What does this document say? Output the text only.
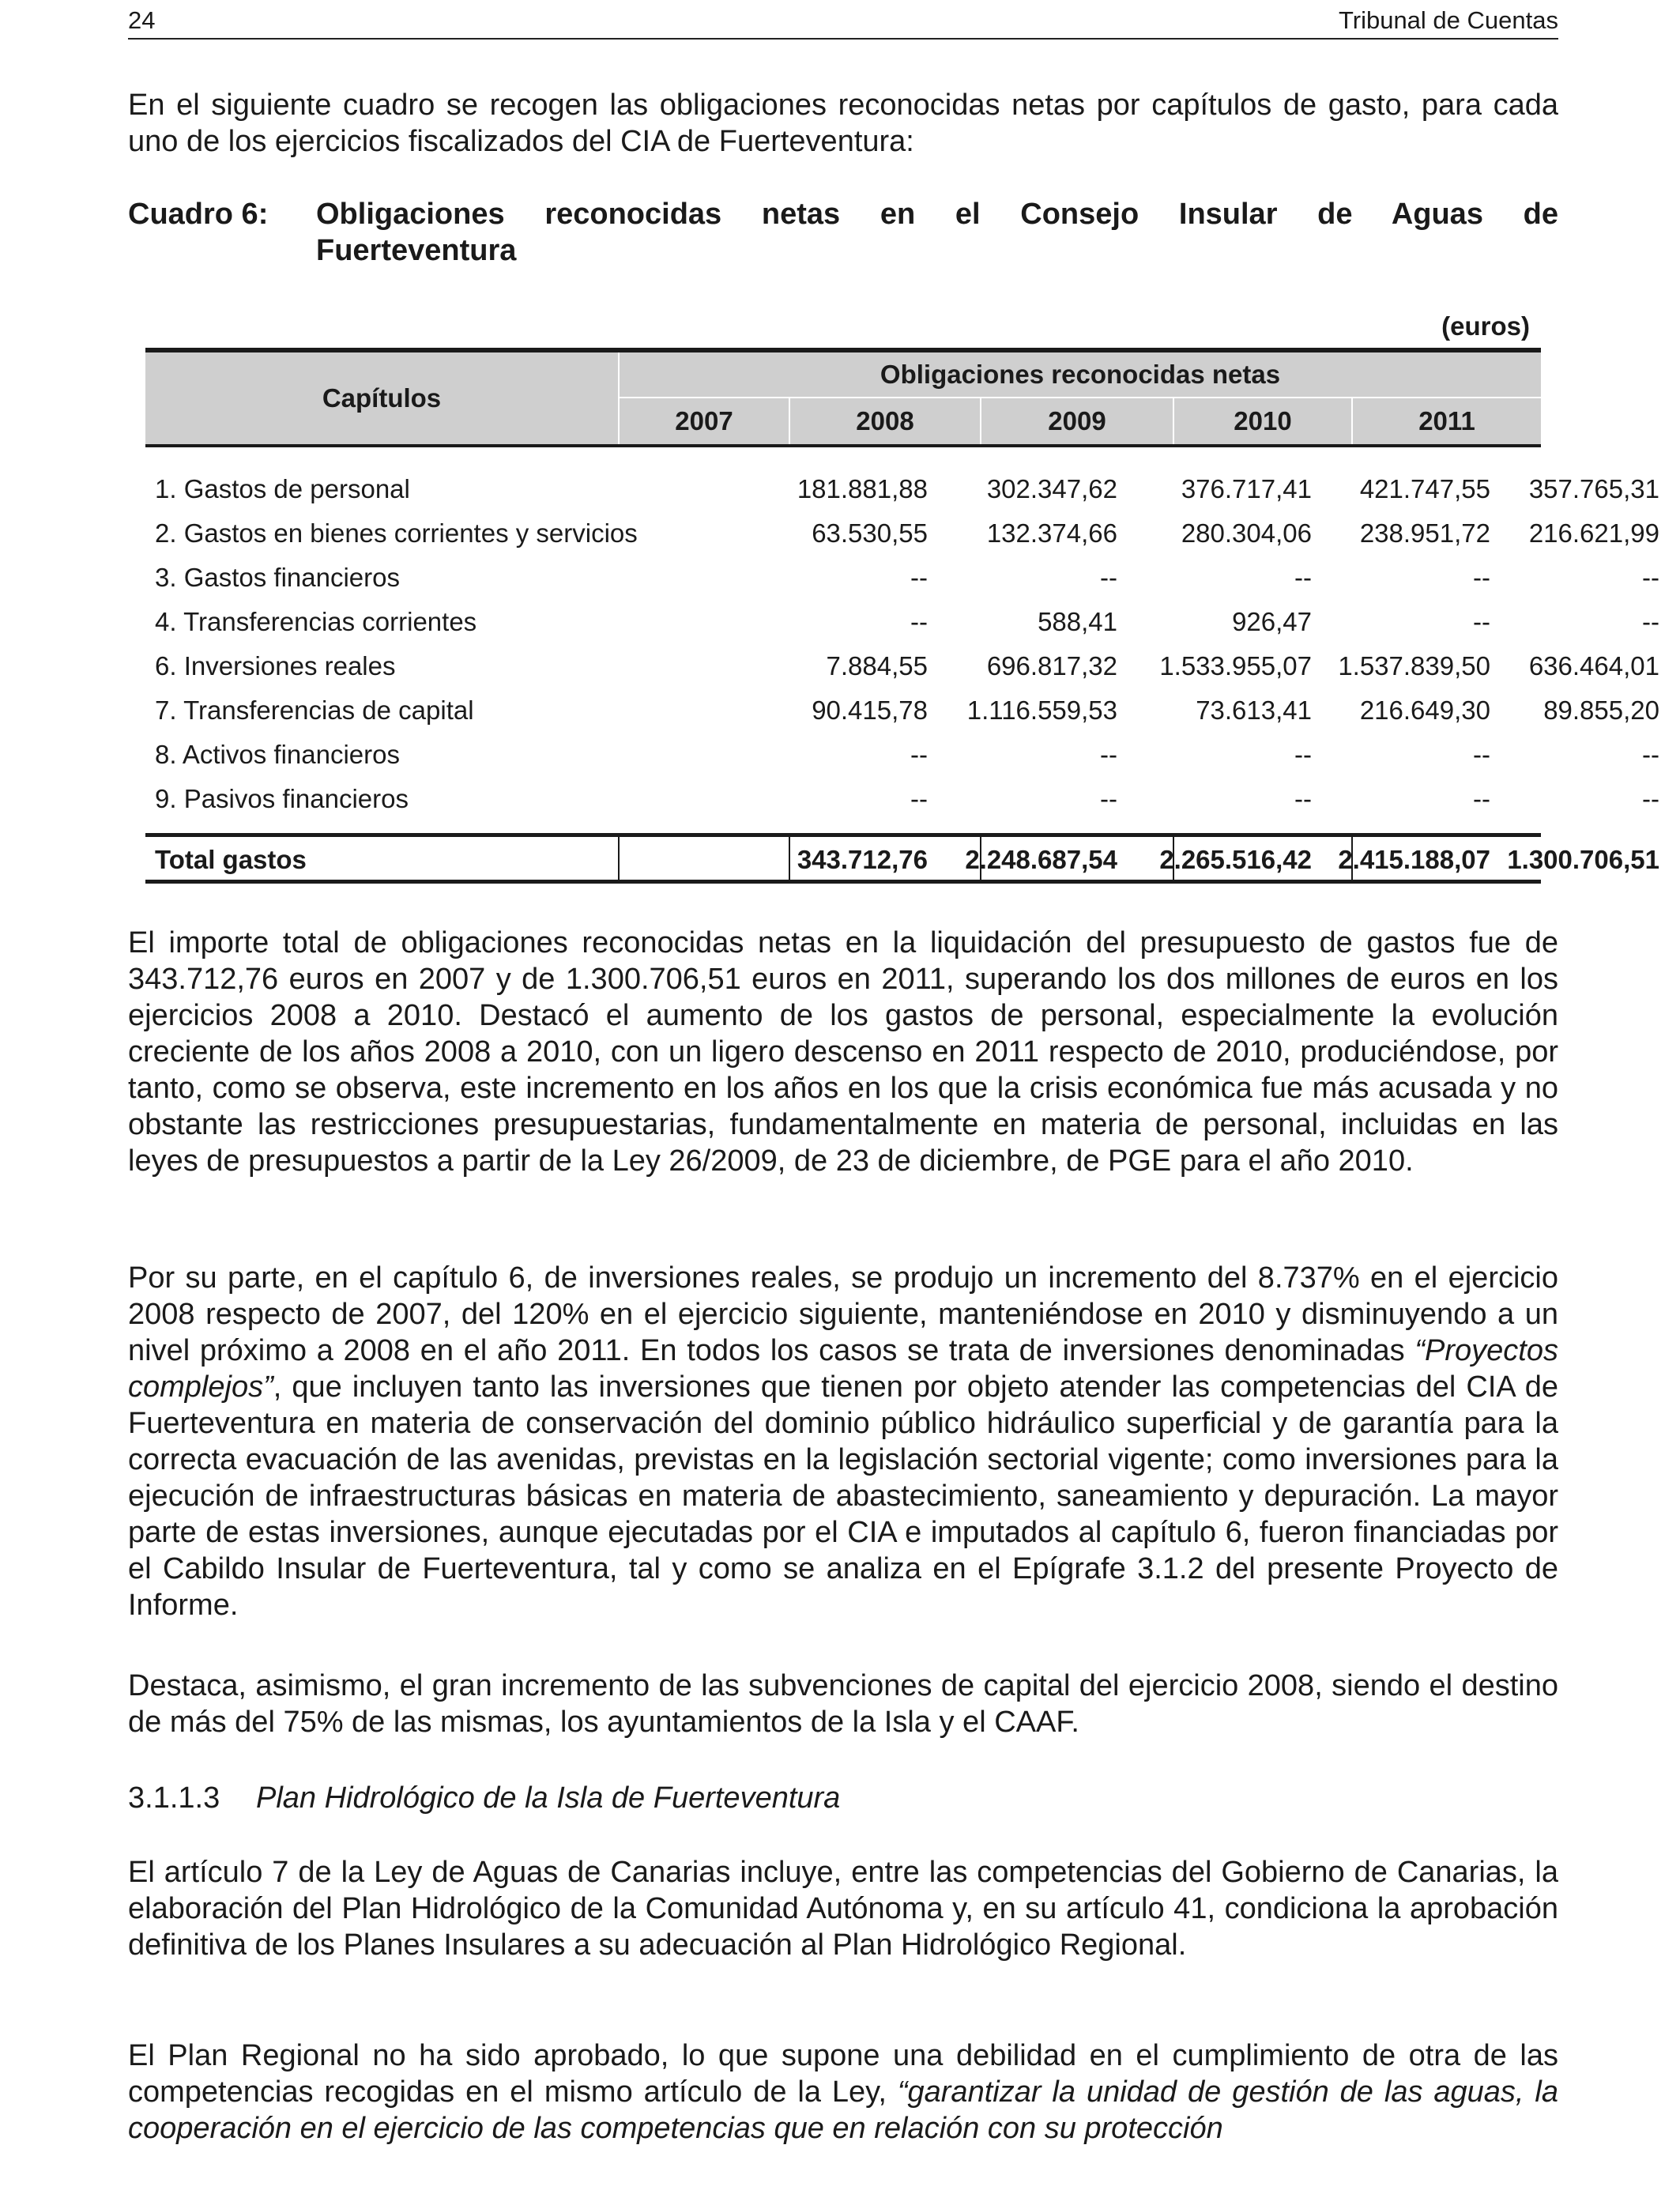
24	Tribunal de Cuentas

En el siguiente cuadro se recogen las obligaciones reconocidas netas por capítulos de gasto, para cada uno de los ejercicios fiscalizados del CIA de Fuerteventura:

Cuadro 6: Obligaciones reconocidas netas en el Consejo Insular de Aguas de
Fuerteventura
(euros)
Capítulos
Obligaciones reconocidas netas
2007	2008	2009	2010	2011
1. Gastos de personal	181.881,88 302.347,62 376.717,41 421.747,55 357.765,31
2. Gastos en bienes corrientes y servicios	63.530,55 132.374,66 280.304,06 238.951,72 216.621,99
3. Gastos financieros	--	--	--	--	--
4. Transferencias corrientes	--	588,41	926,47	--	--
6. Inversiones reales	7.884,55 696.817,32 1.533.955,07 1.537.839,50 636.464,01
7. Transferencias de capital	90.415,78 1.116.559,53	73.613,41 216.649,30 89.855,20
8. Activos financieros	--	--	--	--	--
9. Pasivos financieros	--	--	--	--	--
Total gastos	343.712,76 2.248.687,54 2.265.516,42 2.415.188,07 1.300.706,51

El importe total de obligaciones reconocidas netas en la liquidación del presupuesto de gastos fue de 343.712,76 euros en 2007 y de 1.300.706,51 euros en 2011, superando los dos millones de euros en los ejercicios 2008 a 2010. Destacó el aumento de los gastos de personal, especialmente la evolución creciente de los años 2008 a 2010, con un ligero descenso en 2011 respecto de 2010, produciéndose, por tanto, como se observa, este incremento en los años en los que la crisis económica fue más acusada y no obstante las restricciones presupuestarias, fundamentalmente en materia de personal, incluidas en las leyes de presupuestos a partir de la Ley 26/2009, de 23 de diciembre, de PGE para el año 2010.

Por su parte, en el capítulo 6, de inversiones reales, se produjo un incremento del 8.737% en el ejercicio 2008 respecto de 2007, del 120% en el ejercicio siguiente, manteniéndose en 2010 y disminuyendo a un nivel próximo a 2008 en el año 2011. En todos los casos se trata de inversiones denominadas “Proyectos complejos”, que incluyen tanto las inversiones que tienen por objeto atender las competencias del CIA de Fuerteventura en materia de conservación del dominio público hidráulico superficial y de garantía para la correcta evacuación de las avenidas, previstas en la legislación sectorial vigente; como inversiones para la ejecución de infraestructuras básicas en materia de abastecimiento, saneamiento y depuración. La mayor parte de estas inversiones, aunque ejecutadas por el CIA e imputados al capítulo 6, fueron financiadas por el Cabildo Insular de Fuerteventura, tal y como se analiza en el Epígrafe 3.1.2 del presente Proyecto de Informe.

Destaca, asimismo, el gran incremento de las subvenciones de capital del ejercicio 2008, siendo el destino de más del 75% de las mismas, los ayuntamientos de la Isla y el CAAF.

3.1.1.3 Plan Hidrológico de la Isla de Fuerteventura

El artículo 7 de la Ley de Aguas de Canarias incluye, entre las competencias del Gobierno de Canarias, la elaboración del Plan Hidrológico de la Comunidad Autónoma y, en su artículo 41, condiciona la aprobación definitiva de los Planes Insulares a su adecuación al Plan Hidrológico Regional.

El Plan Regional no ha sido aprobado, lo que supone una debilidad en el cumplimiento de otra de las competencias recogidas en el mismo artículo de la Ley, “garantizar la unidad de gestión de las aguas, la cooperación en el ejercicio de las competencias que en relación con su protección
